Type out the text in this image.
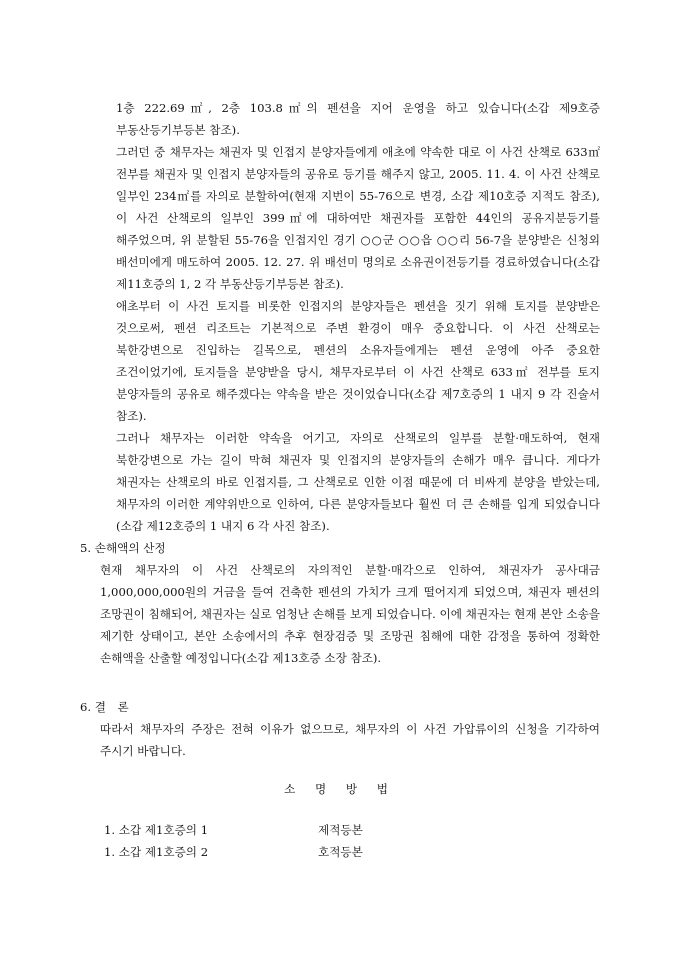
1층 222.69㎡, 2층 103.8㎡의 펜션을 지어 운영을 하고 있습니다(소갑 제9호증 부동산등기부등본 참조).

그러던 중 채무자는 채권자 및 인접지 분양자들에게 애초에 약속한 대로 이 사건 산책로 633㎡ 전부를 채권자 및 인접지 분양자들의 공유로 등기를 해주지 않고, 2005. 11. 4. 이 사건 산책로 일부인 234㎡를 자의로 분할하여(현재 지번이 55-76으로 변경, 소갑 제10호증 지적도 참조), 이 사건 산책로의 일부인 399㎡에 대하여만 채권자를 포함한 44인의 공유지분등기를 해주었으며, 위 분할된 55-76을 인접지인 경기 ○○군 ○○읍 ○○리 56-7을 분양받은 신청외 배선미에게 매도하여 2005. 12. 27. 위 배선미 명의로 소유권이전등기를 경료하였습니다(소갑 제11호증의 1, 2 각 부동산등기부등본 참조).

애초부터 이 사건 토지를 비롯한 인접지의 분양자들은 펜션을 짓기 위해 토지를 분양받은 것으로써, 펜션 리조트는 기본적으로 주변 환경이 매우 중요합니다. 이 사건 산책로는 북한강변으로 진입하는 길목으로, 펜션의 소유자들에게는 펜션 운영에 아주 중요한 조건이었기에, 토지들을 분양받을 당시, 채무자로부터 이 사건 산책로 633㎡ 전부를 토지 분양자들의 공유로 해주겠다는 약속을 받은 것이었습니다(소갑 제7호증의 1 내지 9 각 진술서 참조).

그러나 채무자는 이러한 약속을 어기고, 자의로 산책로의 일부를 분할·매도하여, 현재 북한강변으로 가는 길이 막혀 채권자 및 인접지의 분양자들의 손해가 매우 큽니다. 게다가 채권자는 산책로의 바로 인접지를, 그 산책로로 인한 이점 때문에 더 비싸게 분양을 받았는데, 채무자의 이러한 계약위반으로 인하여, 다른 분양자들보다 훨씬 더 큰 손해를 입게 되었습니다(소갑 제12호증의 1 내지 6 각 사진 참조).

5. 손해액의 산정

현재 채무자의 이 사건 산책로의 자의적인 분할·매각으로 인하여, 채권자가 공사대금 1,000,000,000원의 거금을 들여 건축한 펜션의 가치가 크게 떨어지게 되었으며, 채권자 펜션의 조망권이 침해되어, 채권자는 실로 엄청난 손해를 보게 되었습니다. 이에 채권자는 현재 본안 소송을 제기한 상태이고, 본안 소송에서의 추후 현장검증 및 조망권 침해에 대한 감정을 통하여 정확한 손해액을 산출할 예정입니다(소갑 제13호증 소장 참조).

6. 결　론

따라서 채무자의 주장은 전혀 이유가 없으므로, 채무자의 이 사건 가압류이의 신청을 기각하여 주시기 바랍니다.

소 명 방 법

1. 소갑 제1호증의 1	제적등본
1. 소갑 제1호증의 2	호적등본
